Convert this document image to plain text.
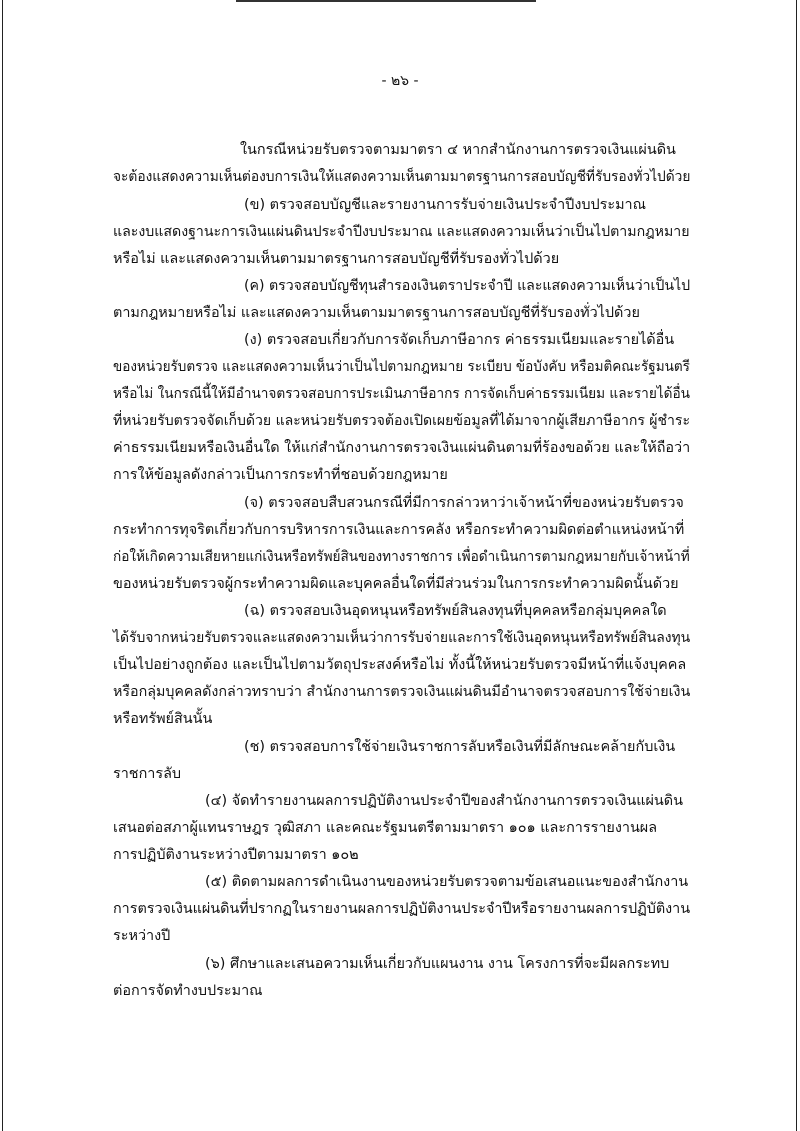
- ๒๖ -
ในกรณีหน่วยรับตรวจตามมาตรา ๔ หากสำนักงานการตรวจเงินแผ่นดิน
จะต้องแสดงความเห็นต่องบการเงินให้แสดงความเห็นตามมาตรฐานการสอบบัญชีที่รับรองทั่วไปด้วย
(ข) ตรวจสอบบัญชีและรายงานการรับจ่ายเงินประจำปีงบประมาณ
และงบแสดงฐานะการเงินแผ่นดินประจำปีงบประมาณ และแสดงความเห็นว่าเป็นไปตามกฎหมาย
หรือไม่ และแสดงความเห็นตามมาตรฐานการสอบบัญชีที่รับรองทั่วไปด้วย
(ค) ตรวจสอบบัญชีทุนสำรองเงินตราประจำปี และแสดงความเห็นว่าเป็นไป
ตามกฎหมายหรือไม่ และแสดงความเห็นตามมาตรฐานการสอบบัญชีที่รับรองทั่วไปด้วย
(ง) ตรวจสอบเกี่ยวกับการจัดเก็บภาษีอากร ค่าธรรมเนียมและรายได้อื่น
ของหน่วยรับตรวจ และแสดงความเห็นว่าเป็นไปตามกฎหมาย ระเบียบ ข้อบังคับ หรือมติคณะรัฐมนตรี
หรือไม่ ในกรณีนี้ให้มีอำนาจตรวจสอบการประเมินภาษีอากร การจัดเก็บค่าธรรมเนียม และรายได้อื่น
ที่หน่วยรับตรวจจัดเก็บด้วย และหน่วยรับตรวจต้องเปิดเผยข้อมูลที่ได้มาจากผู้เสียภาษีอากร ผู้ชำระ
ค่าธรรมเนียมหรือเงินอื่นใด ให้แก่สำนักงานการตรวจเงินแผ่นดินตามที่ร้องขอด้วย และให้ถือว่า
การให้ข้อมูลดังกล่าวเป็นการกระทำที่ชอบด้วยกฎหมาย
(จ) ตรวจสอบสืบสวนกรณีที่มีการกล่าวหาว่าเจ้าหน้าที่ของหน่วยรับตรวจ
กระทำการทุจริตเกี่ยวกับการบริหารการเงินและการคลัง หรือกระทำความผิดต่อตำแหน่งหน้าที่
ก่อให้เกิดความเสียหายแก่เงินหรือทรัพย์สินของทางราชการ เพื่อดำเนินการตามกฎหมายกับเจ้าหน้าที่
ของหน่วยรับตรวจผู้กระทำความผิดและบุคคลอื่นใดที่มีส่วนร่วมในการกระทำความผิดนั้นด้วย
(ฉ) ตรวจสอบเงินอุดหนุนหรือทรัพย์สินลงทุนที่บุคคลหรือกลุ่มบุคคลใด
ได้รับจากหน่วยรับตรวจและแสดงความเห็นว่าการรับจ่ายและการใช้เงินอุดหนุนหรือทรัพย์สินลงทุน
เป็นไปอย่างถูกต้อง และเป็นไปตามวัตถุประสงค์หรือไม่ ทั้งนี้ให้หน่วยรับตรวจมีหน้าที่แจ้งบุคคล
หรือกลุ่มบุคคลดังกล่าวทราบว่า สำนักงานการตรวจเงินแผ่นดินมีอำนาจตรวจสอบการใช้จ่ายเงิน
หรือทรัพย์สินนั้น
(ช) ตรวจสอบการใช้จ่ายเงินราชการลับหรือเงินที่มีลักษณะคล้ายกับเงิน
ราชการลับ
(๔) จัดทำรายงานผลการปฏิบัติงานประจำปีของสำนักงานการตรวจเงินแผ่นดิน
เสนอต่อสภาผู้แทนราษฎร วุฒิสภา และคณะรัฐมนตรีตามมาตรา ๑๐๑ และการรายงานผล
การปฏิบัติงานระหว่างปีตามมาตรา ๑๐๒
(๕) ติดตามผลการดำเนินงานของหน่วยรับตรวจตามข้อเสนอแนะของสำนักงาน
การตรวจเงินแผ่นดินที่ปรากฏในรายงานผลการปฏิบัติงานประจำปีหรือรายงานผลการปฏิบัติงาน
ระหว่างปี
(๖) ศึกษาและเสนอความเห็นเกี่ยวกับแผนงาน งาน โครงการที่จะมีผลกระทบ
ต่อการจัดทำงบประมาณ
